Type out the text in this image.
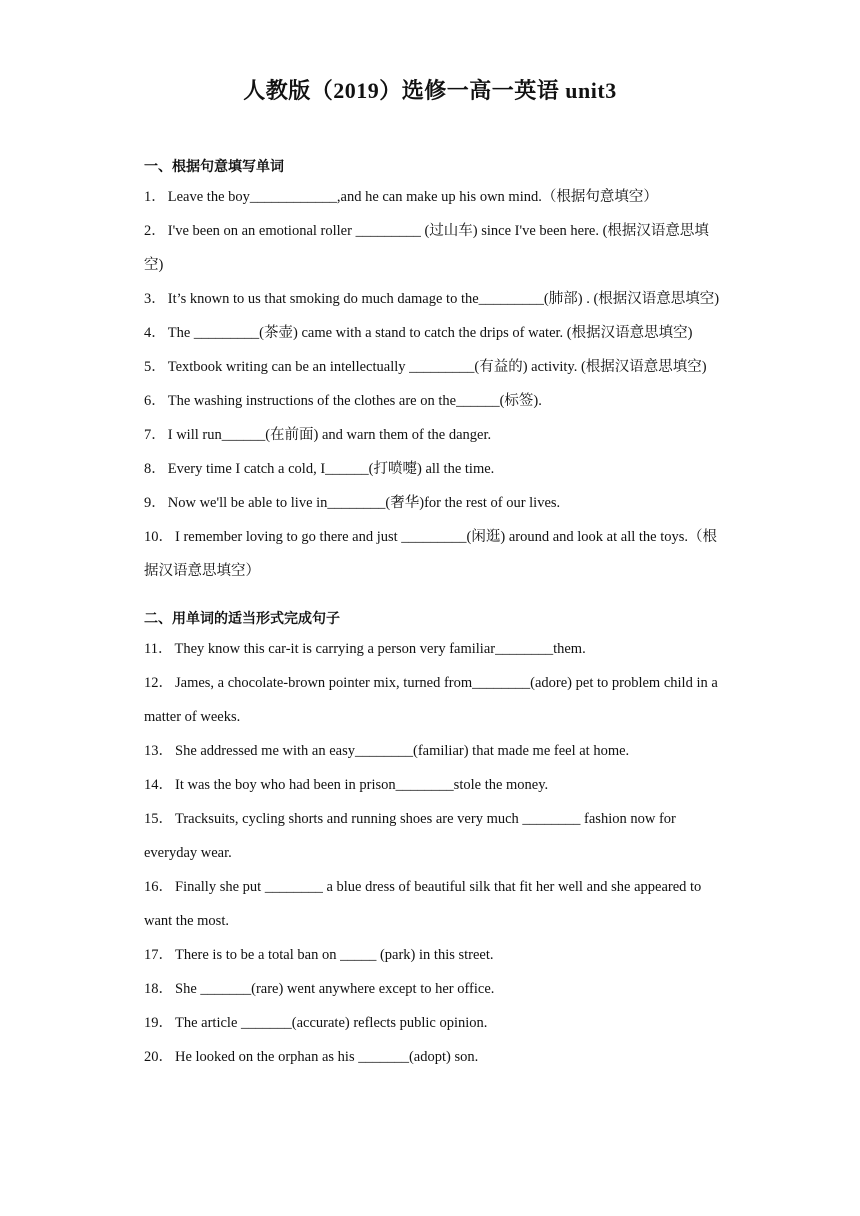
人教版（2019）选修一高一英语 unit3

一、根据句意填写单词

1． Leave the boy____________,and he can make up his own mind.（根据句意填空）

2． I've been on an emotional roller _________ (过山车) since I've been here. (根据汉语意思填空)

3． It’s known to us that smoking do much damage to the_________(肺部) . (根据汉语意思填空)

4． The _________(茶壶) came with a stand to catch the drips of water. (根据汉语意思填空)

5． Textbook writing can be an intellectually _________(有益的) activity. (根据汉语意思填空)

6． The washing instructions of the clothes are on the______(标签).

7． I will run______(在前面) and warn them of the danger.

8． Every time I catch a cold, I______(打喷嚏) all the time.

9． Now we'll be able to live in________(奢华)for the rest of our lives.

10． I remember loving to go there and just _________(闲逛) around and look at all the toys.（根据汉语意思填空）

二、用单词的适当形式完成句子

11． They know this car-it is carrying a person very familiar________them.

12． James, a chocolate-brown pointer mix, turned from________(adore) pet to problem child in a matter of weeks.

13． She addressed me with an easy________(familiar) that made me feel at home.

14． It was the boy who had been in prison________stole the money.

15． Tracksuits, cycling shorts and running shoes are very much ________ fashion now for everyday wear.

16． Finally she put ________ a blue dress of beautiful silk that fit her well and she appeared to want the most.

17． There is to be a total ban on _____ (park) in this street.

18． She _______(rare) went anywhere except to her office.

19． The article _______(accurate) reflects public opinion.

20． He looked on the orphan as his _______(adopt) son.
